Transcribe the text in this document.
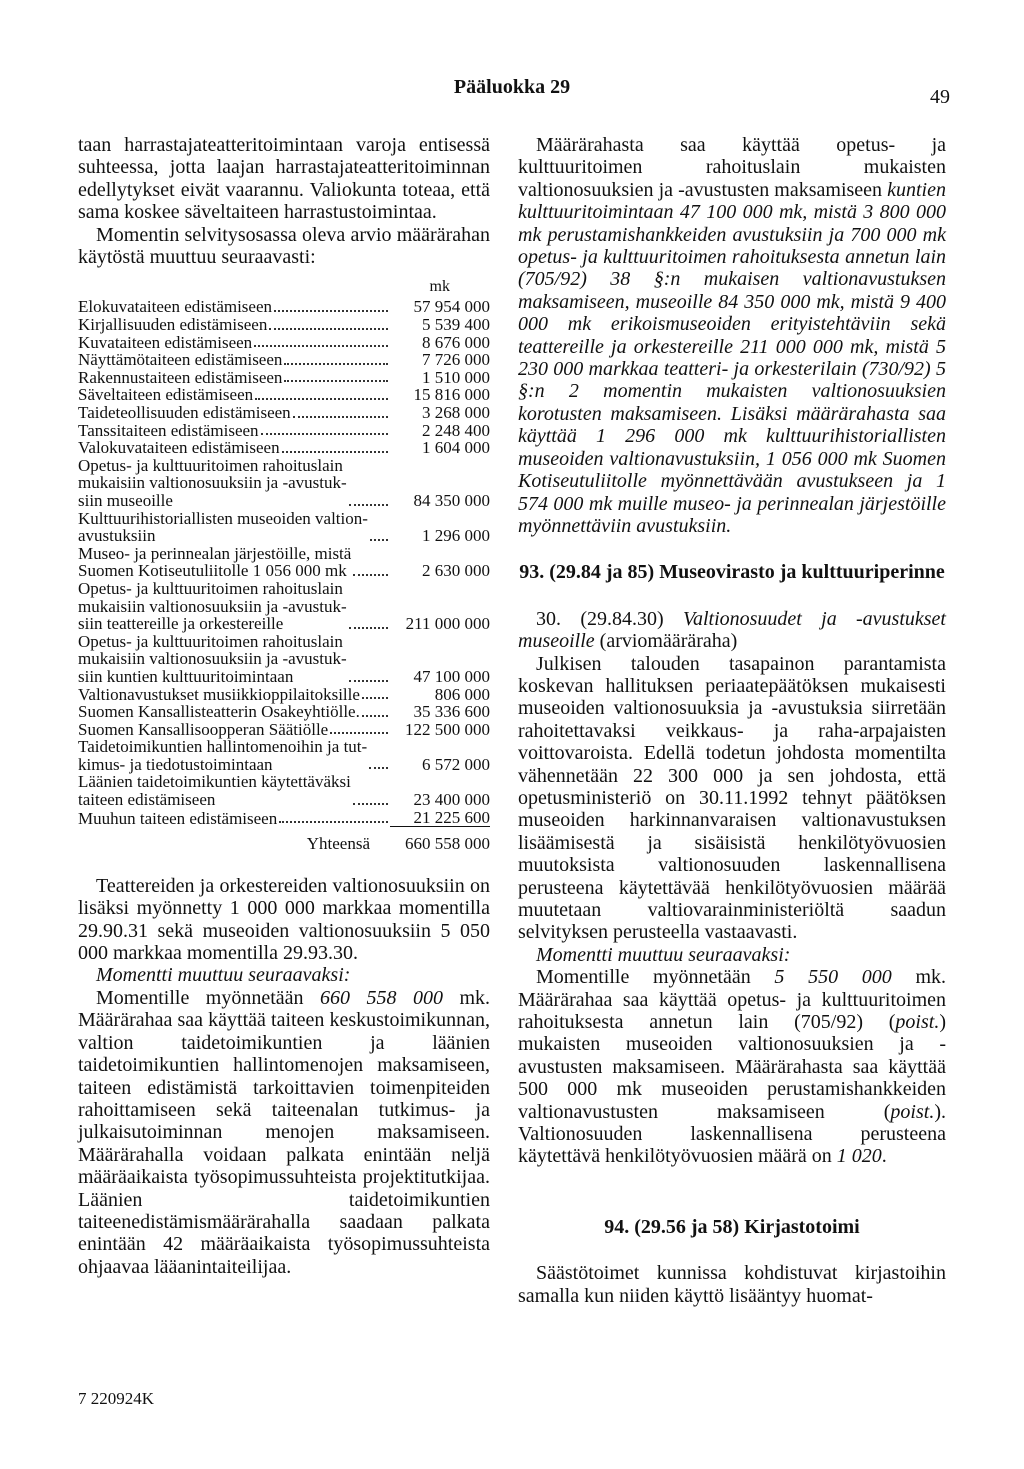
Pääluokka 29	49

taan harrastajateatteritoimintaan varoja entisessä suhteessa, jotta laajan harrastajateatteritoiminnan edellytykset eivät vaarannu. Valiokunta toteaa, että sama koskee säveltaiteen harrastustoimintaa.

Momentin selvitysosassa oleva arvio määrärahan käytöstä muuttuu seuraavasti:

mk
Elokuvataiteen edistämiseen	57 954 000
Kirjallisuuden edistämiseen	5 539 400
Kuvataiteen edistämiseen	8 676 000
Näyttämötaiteen edistämiseen	7 726 000
Rakennustaiteen edistämiseen	1 510 000
Säveltaiteen edistämiseen	15 816 000
Taideteollisuuden edistämiseen	3 268 000
Tanssitaiteen edistämiseen	2 248 400
Valokuvataiteen edistämiseen	1 604 000
Opetus- ja kulttuuritoimen rahoituslain
mukaisiin valtionosuuksiin ja -avustuk-
siin museoille	84 350 000
Kulttuurihistoriallisten museoiden valtion-
avustuksiin	1 296 000
Museo- ja perinnealan järjestöille, mistä
Suomen Kotiseutuliitolle 1 056 000 mk	2 630 000
Opetus- ja kulttuuritoimen rahoituslain
mukaisiin valtionosuuksiin ja -avustuk-
siin teattereille ja orkestereille	211 000 000
Opetus- ja kulttuuritoimen rahoituslain
mukaisiin valtionosuuksiin ja -avustuk-
siin kuntien kulttuuritoimintaan	47 100 000
Valtionavustukset musiikkioppilaitoksille	806 000
Suomen Kansallisteatterin Osakeyhtiölle.	35 336 600
Suomen Kansallisoopperan Säätiölle	122 500 000
Taidetoimikuntien hallintomenoihin ja tut-
kimus- ja tiedotustoimintaan	6 572 000
Läänien taidetoimikuntien käytettäväksi
taiteen edistämiseen	23 400 000
Muuhun taiteen edistämiseen	21 225 600
Yhteensä	660 558 000

Teattereiden ja orkestereiden valtionosuuksiin on lisäksi myönnetty 1 000 000 markkaa momentilla 29.90.31 sekä museoiden valtionosuuksiin 5 050 000 markkaa momentilla 29.93.30.

Momentti muuttuu seuraavaksi:

Momentille myönnetään 660 558 000 mk. Määrärahaa saa käyttää taiteen keskustoimikunnan, valtion taidetoimikuntien ja läänien taidetoimikuntien hallintomenojen maksamiseen, taiteen edistämistä tarkoittavien toimenpiteiden rahoittamiseen sekä taiteenalan tutkimus- ja julkaisutoiminnan menojen maksamiseen. Määrärahalla voidaan palkata enintään neljä määräaikaista työsopimussuhteista projektitutkijaa. Läänien taidetoimikuntien taiteenedistämismäärärahalla saadaan palkata enintään 42 määräaikaista työsopimussuhteista ohjaavaa lääanintaiteilijaa.

Määrärahasta saa käyttää opetus- ja kulttuuritoimen rahoituslain mukaisten valtionosuuksien ja -avustusten maksamiseen kuntien kulttuuritoimintaan 47 100 000 mk, mistä 3 800 000 mk perustamishankkeiden avustuksiin ja 700 000 mk opetus- ja kulttuuritoimen rahoituksesta annetun lain (705/92) 38 §:n mukaisen valtionavustuksen maksamiseen, museoille 84 350 000 mk, mistä 9 400 000 mk erikoismuseoiden erityistehtäviin sekä teattereille ja orkestereille 211 000 000 mk, mistä 5 230 000 markkaa teatteri- ja orkesterilain (730/92) 5 §:n 2 momentin mukaisten valtionosuuksien korotusten maksamiseen. Lisäksi määrärahasta saa käyttää 1 296 000 mk kulttuurihistoriallisten museoiden valtionavustuksiin, 1 056 000 mk Suomen Kotiseutuliitolle myönnettävään avustukseen ja 1 574 000 mk muille museo- ja perinnealan järjestöille myönnettäviin avustuksiin.

93. (29.84 ja 85) Museovirasto ja kulttuuriperinne

30. (29.84.30) Valtionosuudet ja -avustukset museoille (arviomääräraha)

Julkisen talouden tasapainon parantamista koskevan hallituksen periaatepäätöksen mukaisesti museoiden valtionosuuksia ja -avustuksia siirretään rahoitettavaksi veikkaus- ja raha-arpajaisten voittovaroista. Edellä todetun johdosta momentilta vähennetään 22 300 000 ja sen johdosta, että opetusministeriö on 30.11.1992 tehnyt päätöksen museoiden harkinnanvaraisen valtionavustuksen lisäämisestä ja sisäisistä henkilötyövuosien muutoksista valtionosuuden laskennallisena perusteena käytettävää henkilötyövuosien määrää muutetaan valtiovarainministeriöltä saadun selvityksen perusteella vastaavasti.

Momentti muuttuu seuraavaksi:

Momentille myönnetään 5 550 000 mk. Määrärahaa saa käyttää opetus- ja kulttuuritoimen rahoituksesta annetun lain (705/92) (poist.) mukaisten museoiden valtionosuuksien ja -avustusten maksamiseen. Määrärahasta saa käyttää 500 000 mk museoiden perustamishankkeiden valtionavustusten maksamiseen (poist.). Valtionosuuden laskennallisena perusteena käytettävä henkilötyövuosien määrä on 1 020.

94. (29.56 ja 58) Kirjastotoimi

Säästötoimet kunnissa kohdistuvat kirjastoihin samalla kun niiden käyttö lisääntyy huomat-

7 220924K
